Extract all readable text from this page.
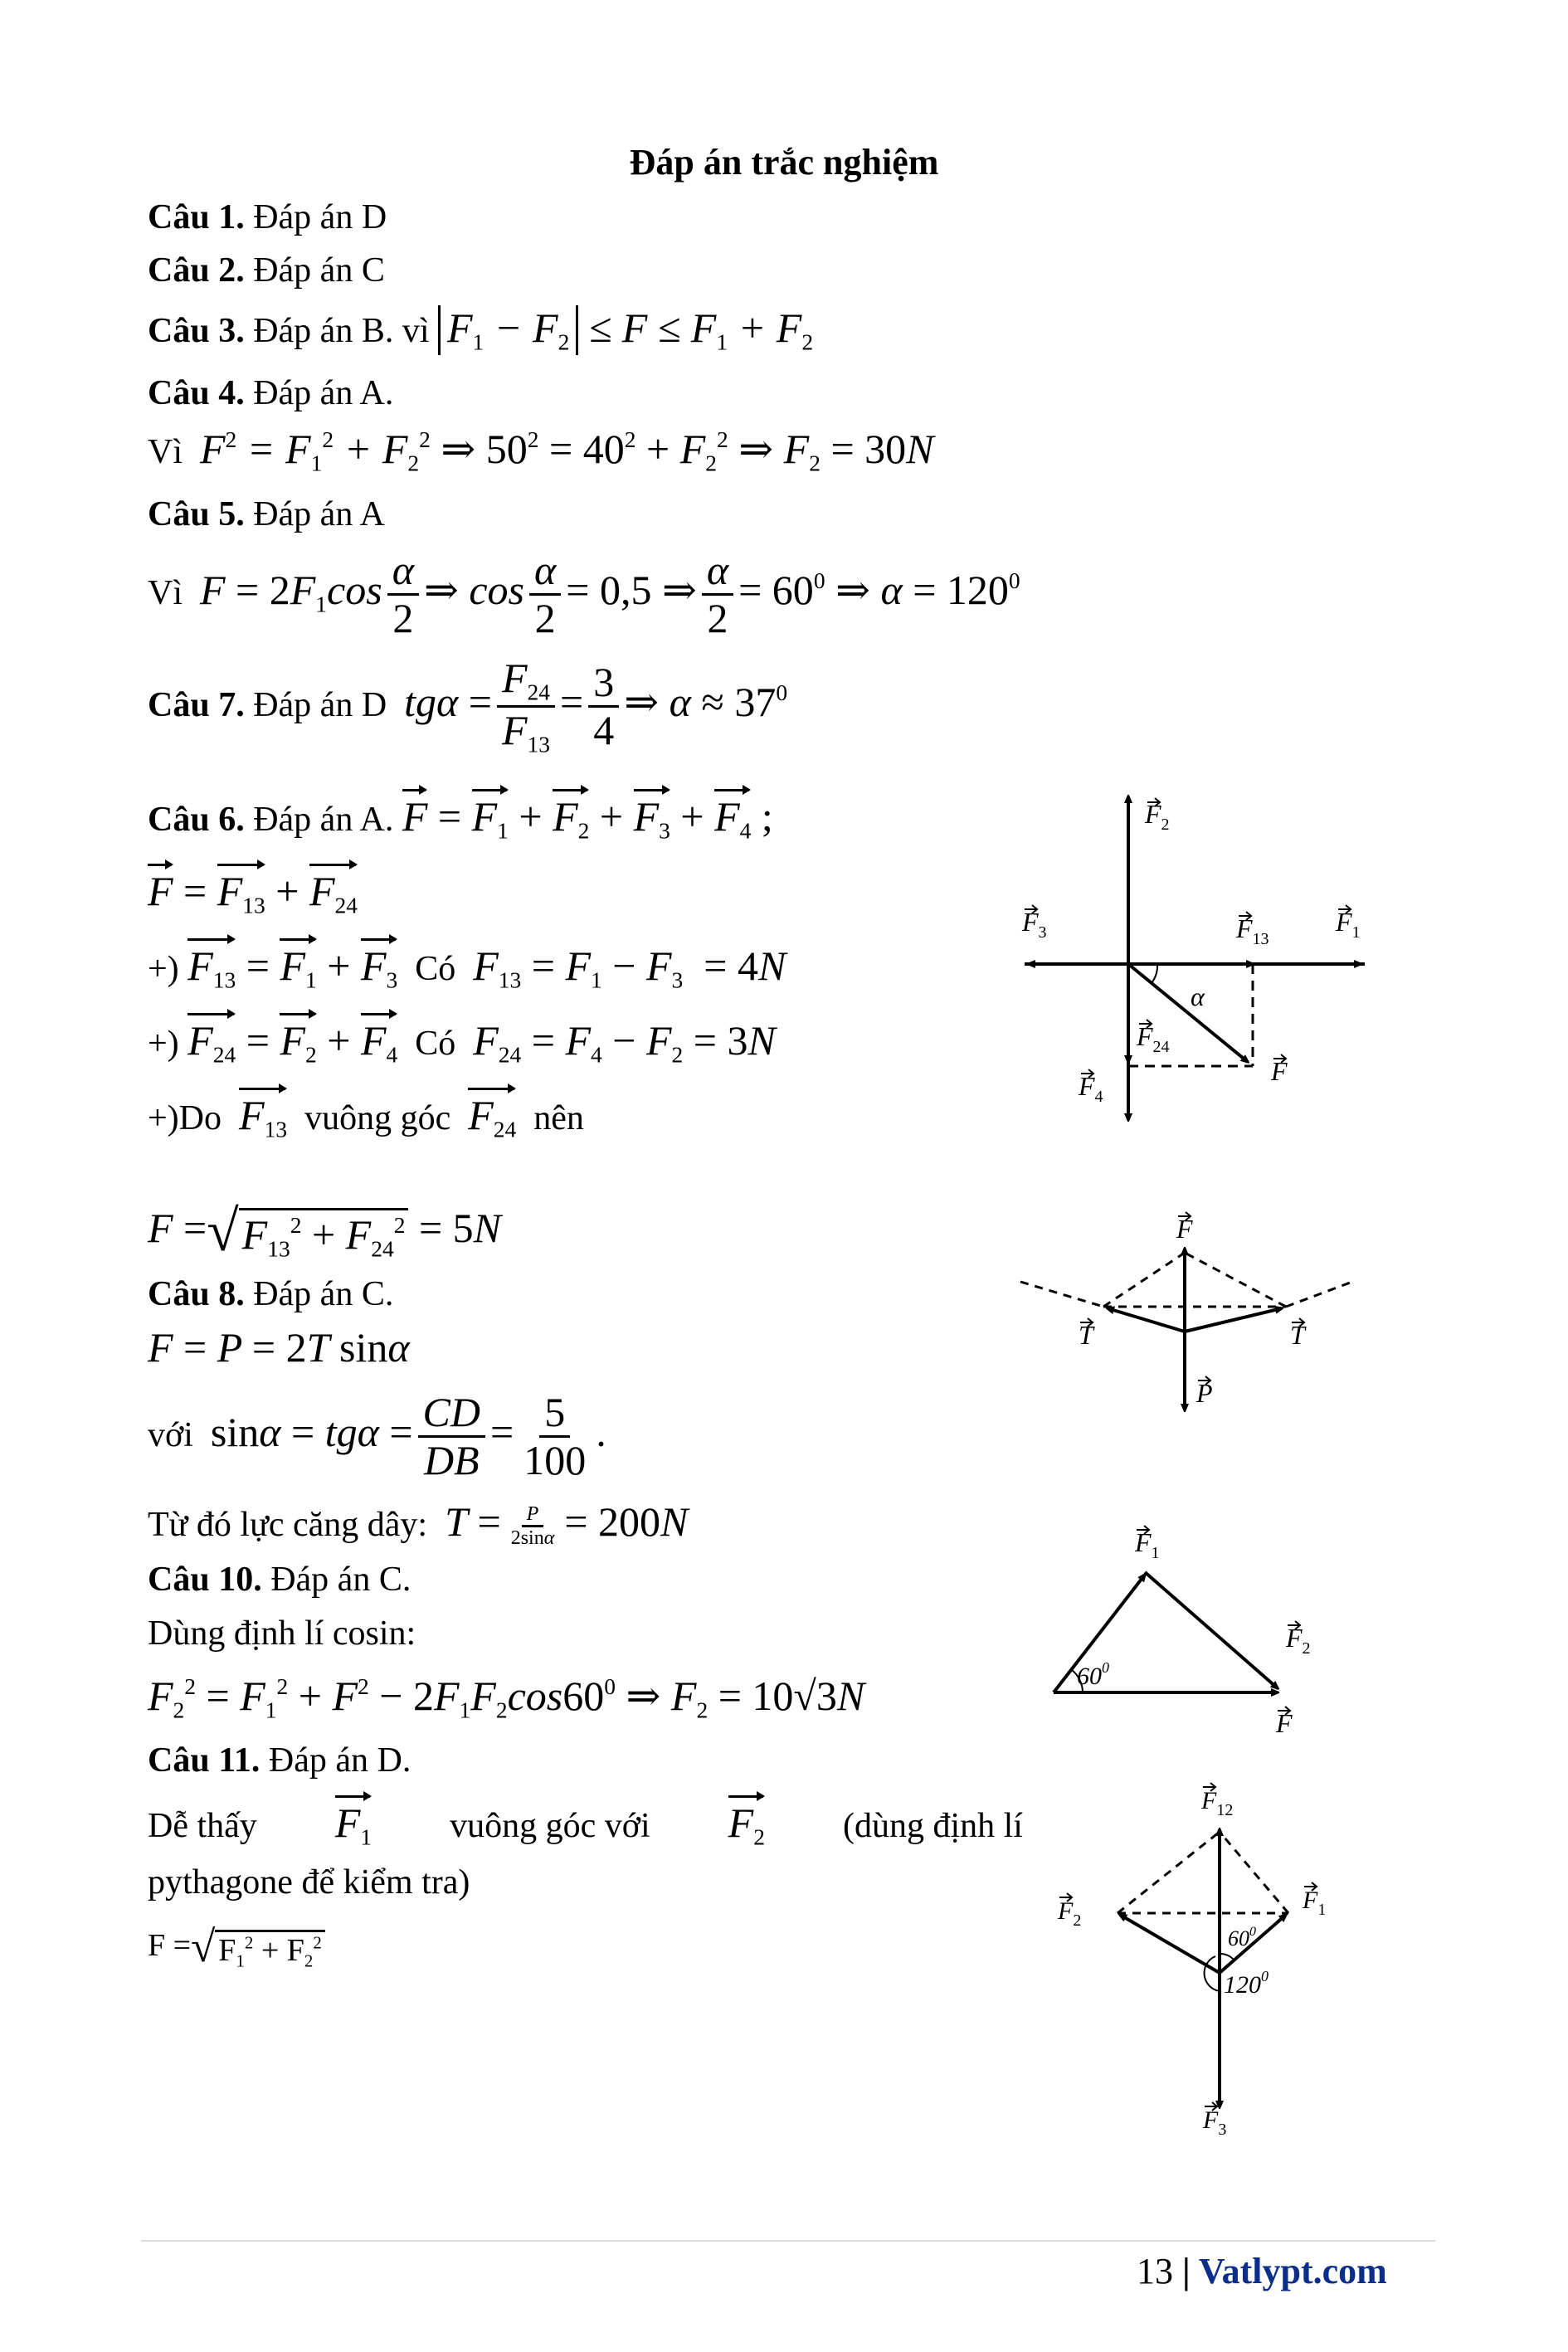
Đáp án trắc nghiệm
Câu 1. Đáp án D
Câu 2. Đáp án C
Câu 3. Đáp án B. vì $F_1 - F_2 \le F \le F_1 + F_2$
Câu 4. Đáp án A.
Vì $F^2 = F_1^2 + F_2^2$ ⇒ $50^2 = 40^2 + F_2^2$ ⇒ $F_2 = 30N$
Câu 5. Đáp án A
Vì $F = 2F_1\cos \frac{\alpha}{2}$ ⇒ $\cos \frac{\alpha}{2} = 0,5$ ⇒ $\frac{\alpha}{2} = 60^0$ ⇒ $\alpha = 120^0$
Câu 7. Đáp án D $tg\alpha = \frac{F_{24}}{F_{13}} = \frac{3}{4}$ ⇒ $\alpha \approx 37^0$
Câu 6. Đáp án A. $F = F_1 + F_2 + F_3 + F_4$ ;
$F = F_{13} + F_{24}$
+) $F_{13} = F_1 + F_3$ Có $F_{13} = F_1 - F_3 = 4N$
+) $F_{24} = F_2 + F_4$ Có $F_{24} = F_4 - F_2 = 3N$
+)Do $F_{13}$ vuông góc $F_{24}$ nên
F = √ $F_{13}^2 + F_{24}^2 = 5N$
Câu 8. Đáp án C.
F = P = 2T sinα
với $\sin\alpha = tg\alpha = \frac{CD}{DB} = \frac{5}{100}$ .
Từ đó lực căng dây: $T = \frac{P}{2\sin\alpha} = 200N$
Câu 10. Đáp án C.
Dùng định lí cosin:
$F_2^2 = F_1^2 + F^2 - 2F_1F_2\cos 60^0$ ⇒ $F_2 = 10√3N$
Câu 11. Đáp án D.
Dễ thấy $F_1$ vuông góc với $F_2$ (dùng định lí
pythagone để kiểm tra)
F = √ $F_1^2 + F_2^2$
$F_2$
$F_3$	$F_{13}$
$F_1$
α
$F_{24}$
F
$F_4$
F
T	T
P
$F_1$
$60^0$
$F_2$
F
$F_{12}$
$F_1$
$F_2$
$60^0$
$120^0$
$F_3$
13 | Vatlypt.com
